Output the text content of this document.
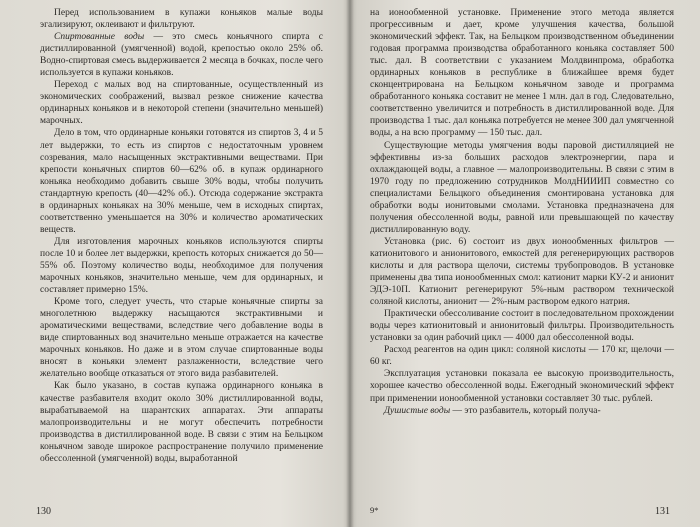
Перед использованием в купажи коньяков малые воды эгализируют, оклеивают и фильтруют.

Спиртованные воды — это смесь коньячного спирта с дистиллированной (умягченной) водой, крепостью около 25% об. Водно-спиртовая смесь выдерживается 2 месяца в бочках, после чего используется в купажи коньяков.

Переход с малых вод на спиртованные, осуществленный из экономических соображений, вызвал резкое снижение качества ординарных коньяков и в некоторой степени (значительно меньшей) марочных.

Дело в том, что ординарные коньяки готовятся из спиртов 3, 4 и 5 лет выдержки, то есть из спиртов с недостаточным уровнем созревания, мало насыщенных экстрактивными веществами. При крепости коньячных спиртов 60—62% об. в купаж ординарного коньяка необходимо добавить свыше 30% воды, чтобы получить стандартную крепость (40—42% об.). Отсюда содержание экстракта в ординарных коньяках на 30% меньше, чем в исходных спиртах, соответственно уменьшается на 30% и количество ароматических веществ.

Для изготовления марочных коньяков используются спирты после 10 и более лет выдержки, крепость которых снижается до 50—55% об. Поэтому количество воды, необходимое для получения марочных коньяков, значительно меньше, чем для ординарных, и составляет примерно 15%.

Кроме того, следует учесть, что старые коньячные спирты за многолетнюю выдержку насыщаются экстрактивными и ароматическими веществами, вследствие чего добавление воды в виде спиртованных вод значительно меньше отражается на качестве марочных коньяков. Но даже и в этом случае спиртованные воды вносят в коньяки элемент разлаженности, вследствие чего желательно вообще отказаться от этого вида разбавителей.

Как было указано, в состав купажа ординарного коньяка в качестве разбавителя входит около 30% дистиллированной воды, вырабатываемой на шарантских аппаратах. Эти аппараты малопроизводительны и не могут обеспечить потребности производства в дистиллированной воде. В связи с этим на Бельцком коньячном заводе широкое распространение получило применение обессоленной (умягченной) воды, выработанной

130

на ионообменной установке. Применение этого метода является прогрессивным и дает, кроме улучшения качества, большой экономический эффект. Так, на Бельцком производственном объединении годовая программа производства обработанного коньяка составляет 500 тыс. дал. В соответствии с указанием Молдвинпрома, обработка ординарных коньяков в республике в ближайшее время будет сконцентрирована на Бельцком коньячном заводе и программа обработанного коньяка составит не менее 1 млн. дал в год. Следовательно, соответственно увеличится и потребность в дистиллированной воде. Для производства 1 тыс. дал коньяка потребуется не менее 300 дал умягченной воды, а на всю программу — 150 тыс. дал.

Существующие методы умягчения воды паровой дистилляцией не эффективны из-за больших расходов электроэнергии, пара и охлаждающей воды, а главное — малопроизводительны. В связи с этим в 1970 году по предложению сотрудников МолдНИИИП совместно со специалистами Бельцкого объединения смонтирована установка для обработки воды ионитовыми смолами. Установка предназначена для получения обессоленной воды, равной или превышающей по качеству дистиллированную воду.

Установка (рис. 6) состоит из двух ионообменных фильтров — катионитового и анионитового, емкостей для регенерирующих растворов кислоты и для раствора щелочи, системы трубопроводов. В установке применены два типа ионообменных смол: катионит марки КУ-2 и анионит ЭДЭ-10П. Катионит регенерируют 5%-ным раствором технической соляной кислоты, анионит — 2%-ным раствором едкого натрия.

Практически обессоливание состоит в последовательном прохождении воды через катионитовый и анионитовый фильтры. Производительность установки за один рабочий цикл — 4000 дал обессоленной воды.

Расход реагентов на один цикл: соляной кислоты — 170 кг, щелочи — 60 кг.

Эксплуатация установки показала ее высокую производительность, хорошее качество обессоленной воды. Ежегодный экономический эффект при применении ионообменной установки составляет 30 тыс. рублей.

Душистые воды — это разбавитель, который получа-

9*	131
